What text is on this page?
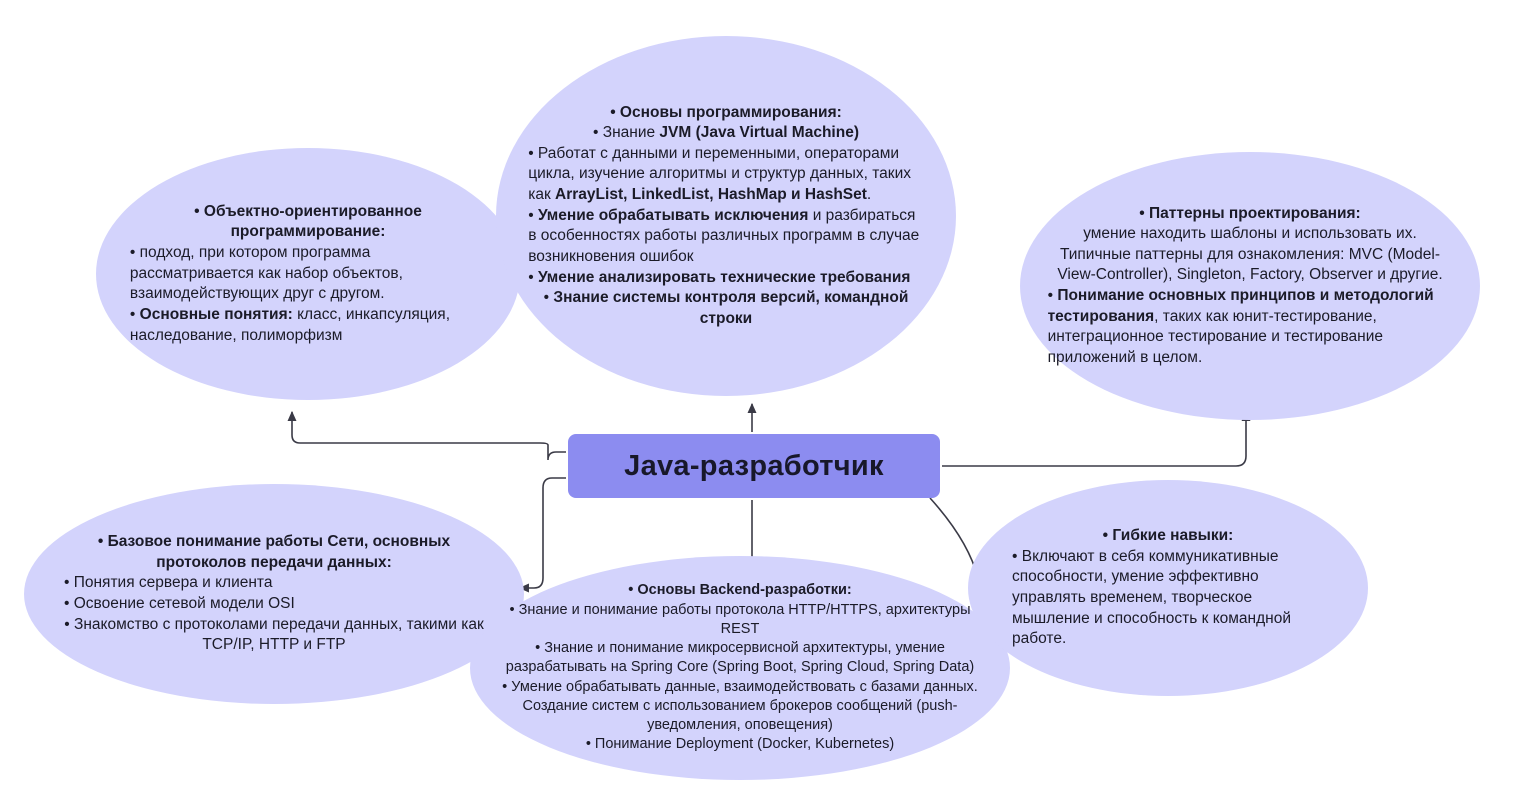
• Объектно-ориентированное программирование:

• подход, при котором программа рассматривается как набор объектов, взаимодействующих друг с другом.

• Основные понятия: класс, инкапсуляция, наследование, полиморфизм

• Основы программирования:

• Знание JVM (Java Virtual Machine)

• Работат с данными и переменными, операторами цикла, изучение алгоритмы и структур данных, таких как ArrayList, LinkedList, HashMap и HashSet.

• Умение обрабатывать исключения и разбираться в особенностях работы различных программ в случае возникновения ошибок

• Умение анализировать технические требования

• Знание системы контроля версий, командной строки

• Паттерны проектирования:

умение находить шаблоны и использовать их. Типичные паттерны для ознакомления: MVC (Model-View-Controller), Singleton, Factory, Observer и другие.

• Понимание основных принципов и методологий тестирования, таких как юнит-тестирование, интеграционное тестирование и тестирование приложений в целом.

• Базовое понимание работы Сети, основных протоколов передачи данных:

• Понятия сервера и клиента

• Освоение сетевой модели OSI

• Знакомство с протоколами передачи данных, такими как TCP/IP, HTTP и FTP

• Основы Backend-разработки:

• Знание и понимание работы протокола HTTP/HTTPS, архитектуры REST

• Знание и понимание микросервисной архитектуры, умение разрабатывать на Spring Core (Spring Boot, Spring Cloud, Spring Data)

• Умение обрабатывать данные, взаимодействовать с базами данных. Создание систем с использованием брокеров сообщений (push-уведомления, оповещения)

• Понимание Deployment (Docker, Kubernetes)

• Гибкие навыки:

• Включают в себя коммуникативные способности, умение эффективно управлять временем, творческое мышление и способность к командной работе.

Java-разработчик
